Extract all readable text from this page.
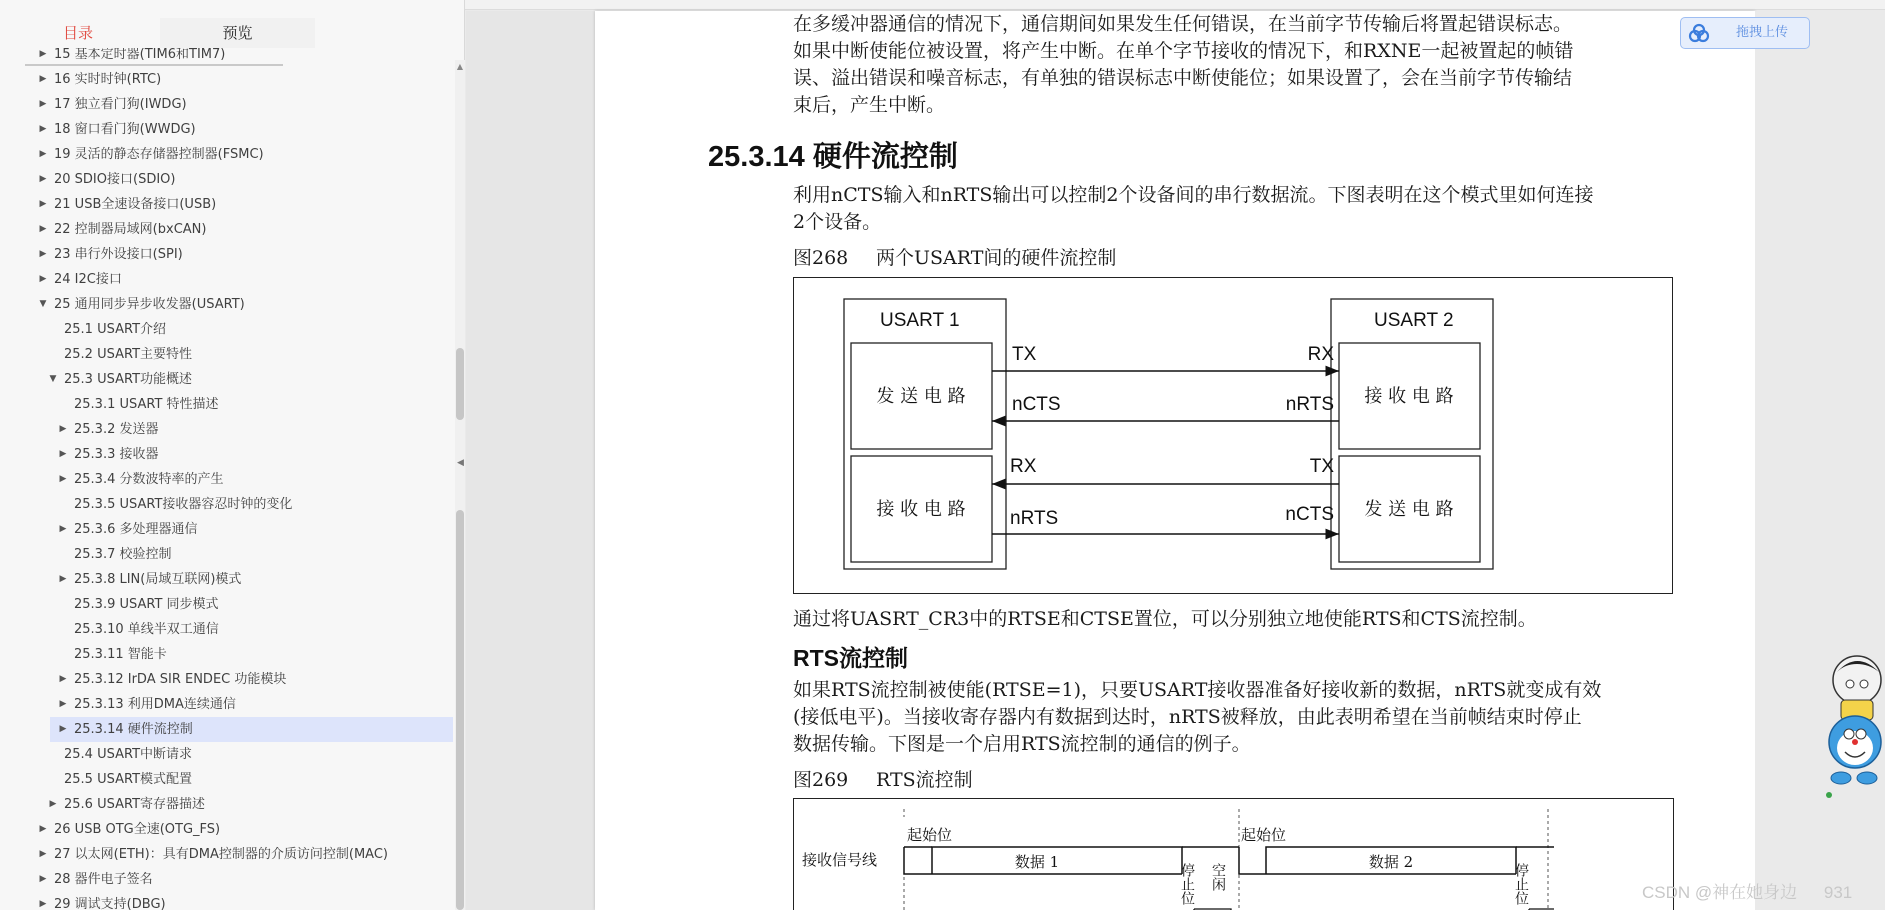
目录	预览
▶ 15 基本定时器(TIM6和TIM7)
▶ 16 实时时钟(RTC)
▶ 17 独立看门狗(IWDG)
▶ 18 窗口看门狗(WWDG)
▶ 19 灵活的静态存储器控制器(FSMC)
▶ 20 SDIO接口(SDIO)
▶ 21 USB全速设备接口(USB)
▶ 22 控制器局域网(bxCAN)
▶ 23 串行外设接口(SPI)
▶ 24 I2C接口
▼ 25 通用同步异步收发器(USART)
25.1 USART介绍
25.2 USART主要特性
▼ 25.3 USART功能概述
25.3.1 USART 特性描述
▶ 25.3.2 发送器
▶ 25.3.3 接收器
▶ 25.3.4 分数波特率的产生
25.3.5 USART接收器容忍时钟的变化
▶ 25.3.6 多处理器通信
25.3.7 校验控制
▶ 25.3.8 LIN(局域互联网)模式
25.3.9 USART 同步模式
25.3.10 单线半双工通信
25.3.11 智能卡
▶ 25.3.12 IrDA SIR ENDEC 功能模块
▶ 25.3.13 利用DMA连续通信
▶ 25.3.14 硬件流控制
25.4 USART中断请求
25.5 USART模式配置
▶ 25.6 USART寄存器描述
▶ 26 USB OTG全速(OTG_FS)
▶ 27 以太网(ETH)：具有DMA控制器的介质访问控制(MAC)
▶ 28 器件电子签名
▶ 29 调试支持(DBG)
▲
◀
在多缓冲器通信的情况下，通信期间如果发生任何错误，在当前字节传输后将置起错误标志。
如果中断使能位被设置，将产生中断。在单个字节接收的情况下，和RXNE一起被置起的帧错
误、溢出错误和噪音标志，有单独的错误标志中断使能位；如果设置了，会在当前字节传输结
束后，产生中断。
25.3.14 硬件流控制
利用nCTS输入和nRTS输出可以控制2个设备间的串行数据流。下图表明在这个模式里如何连接
2个设备。
图268 两个USART间的硬件流控制
USART 1
发 送 电 路
接 收 电 路
USART 2
接 收 电 路
发 送 电 路
TX	RX
nCTS	nRTS
RX	TX
nRTS	nCTS
通过将UASRT_CR3中的RTSE和CTSE置位，可以分别独立地使能RTS和CTS流控制。
RTS流控制
如果RTS流控制被使能(RTSE=1)，只要USART接收器准备好接收新的数据，nRTS就变成有效
(接低电平)。当接收寄存器内有数据到达时，nRTS被释放，由此表明希望在当前帧结束时停止
数据传输。下图是一个启用RTS流控制的通信的例子。
图269 RTS流控制
接收信号线
起始位	起始位
数据 1	数据 2
停止位 空闲	停止位
拖拽上传
CSDN @神在她身边 931
